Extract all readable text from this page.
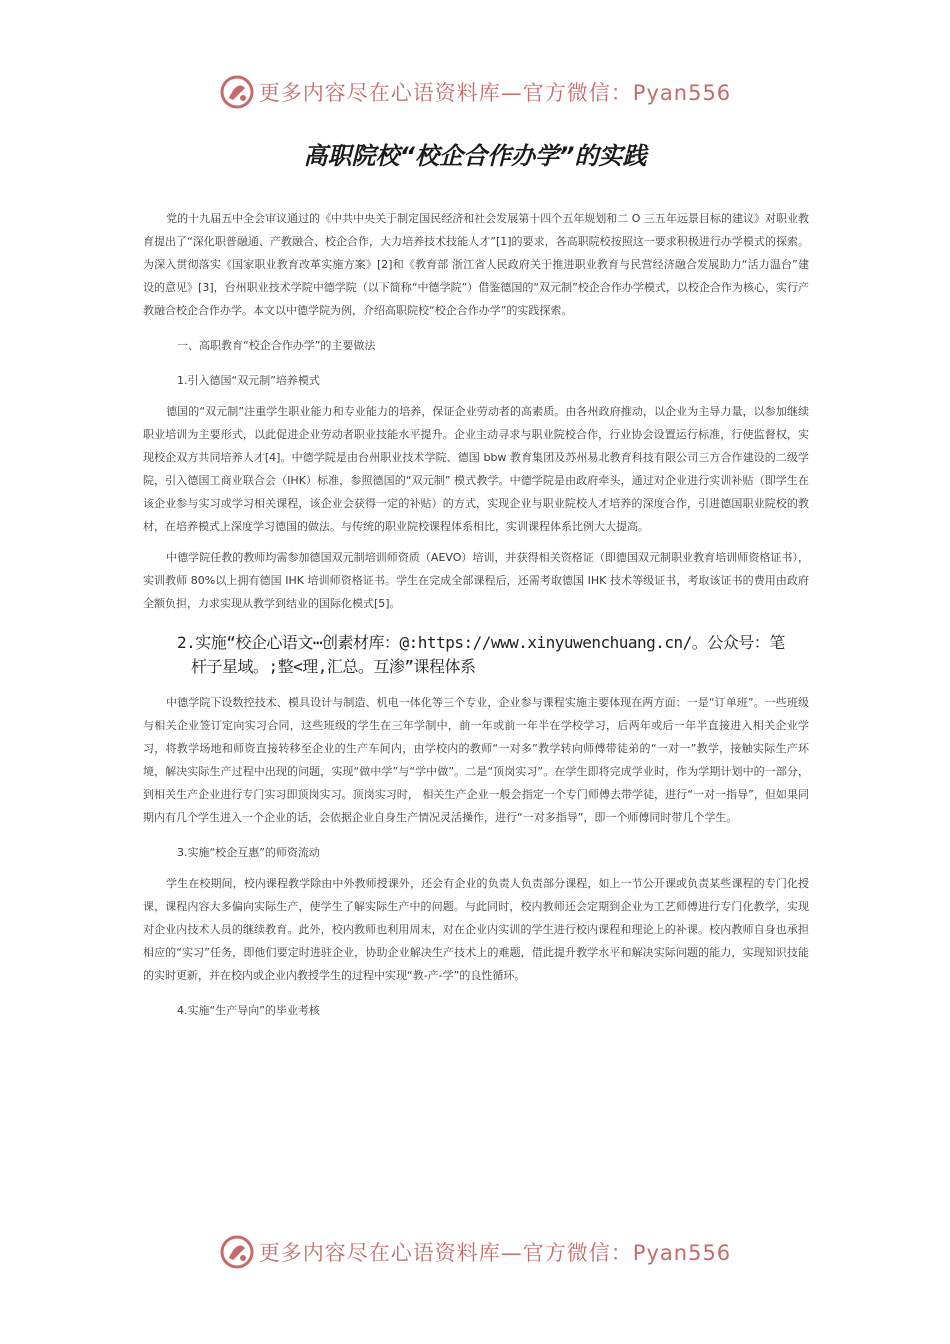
更多内容尽在心语资料库—官方微信：Pyan556
高职院校“校企合作办学”的实践

党的十九届五中全会审议通过的《中共中央关于制定国民经济和社会发展第十四个五年规划和二 O 三五年远景目标的建议》对职业教育提出了“深化职普融通、产教融合、校企合作，大力培养技术技能人才”[1]的要求，各高职院校按照这一要求积极进行办学模式的探索。为深入贯彻落实《国家职业教育改革实施方案》[2]和《教育部 浙江省人民政府关于推进职业教育与民营经济融合发展助力“活力温台”建设的意见》[3]，台州职业技术学院中德学院（以下简称“中德学院”）借鉴德国的“双元制”校企合作办学模式，以校企合作为核心，实行产教融合校企合作办学。本文以中德学院为例，介绍高职院校“校企合作办学”的实践探索。

一、高职教育“校企合作办学”的主要做法

1.引入德国“双元制”培养模式

德国的“双元制”注重学生职业能力和专业能力的培养，保证企业劳动者的高素质。由各州政府推动，以企业为主导力量，以参加继续职业培训为主要形式，以此促进企业劳动者职业技能水平提升。企业主动寻求与职业院校合作，行业协会设置运行标准，行使监督权，实现校企双方共同培养人才[4]。中德学院是由台州职业技术学院、德国 bbw 教育集团及苏州易北教育科技有限公司三方合作建设的二级学院，引入德国工商业联合会（IHK）标准，参照德国的“双元制” 模式教学。中德学院是由政府牵头，通过对企业进行实训补贴（即学生在该企业参与实习或学习相关课程，该企业会获得一定的补贴）的方式，实现企业与职业院校人才培养的深度合作，引进德国职业院校的教材，在培养模式上深度学习德国的做法。与传统的职业院校课程体系相比，实训课程体系比例大大提高。

中德学院任教的教师均需参加德国双元制培训师资质（AEVO）培训，并获得相关资格证（即德国双元制职业教育培训师资格证书），实训教师 80%以上拥有德国 IHK 培训师资格证书。学生在完成全部课程后，还需考取德国 IHK 技术等级证书，考取该证书的费用由政府全额负担，力求实现从教学到结业的国际化模式[5]。

2.实施“校企心语文⋯创素材库：@:https://www.xinyuwenchuang.cn/。公众号：笔
杆子星域。;整<理,汇总。互渗”课程体系

中德学院下设数控技术、模具设计与制造、机电一体化等三个专业，企业参与课程实施主要体现在两方面：一是“订单班”。一些班级与相关企业签订定向实习合同，这些班级的学生在三年学制中，前一年或前一年半在学校学习，后两年或后一年半直接进入相关企业学习，将教学场地和师资直接转移至企业的生产车间内，由学校内的教师“一对多”教学转向师傅带徒弟的“一对一”教学，接触实际生产环境，解决实际生产过程中出现的问题，实现“做中学”与“学中做”。二是“顶岗实习”。在学生即将完成学业时，作为学期计划中的一部分，到相关生产企业进行专门实习即顶岗实习。顶岗实习时， 相关生产企业一般会指定一个专门师傅去带学徒，进行“一对一指导”，但如果同期内有几个学生进入一个企业的话，会依据企业自身生产情况灵活操作，进行“一对多指导”，即一个师傅同时带几个学生。

3.实施“校企互惠”的师资流动

学生在校期间，校内课程教学除由中外教师授课外，还会有企业的负责人负责部分课程，如上一节公开课或负责某些课程的专门化授课，课程内容大多偏向实际生产，使学生了解实际生产中的问题。与此同时，校内教师还会定期到企业为工艺师傅进行专门化教学，实现对企业内技术人员的继续教育。此外，校内教师也利用周末，对在企业内实训的学生进行校内课程和理论上的补课。校内教师自身也承担相应的“实习”任务，即他们要定时进驻企业，协助企业解决生产技术上的难题，借此提升教学水平和解决实际问题的能力，实现知识技能的实时更新，并在校内或企业内教授学生的过程中实现“教-产-学”的良性循环。

4.实施“生产导向”的毕业考核

更多内容尽在心语资料库—官方微信：Pyan556
